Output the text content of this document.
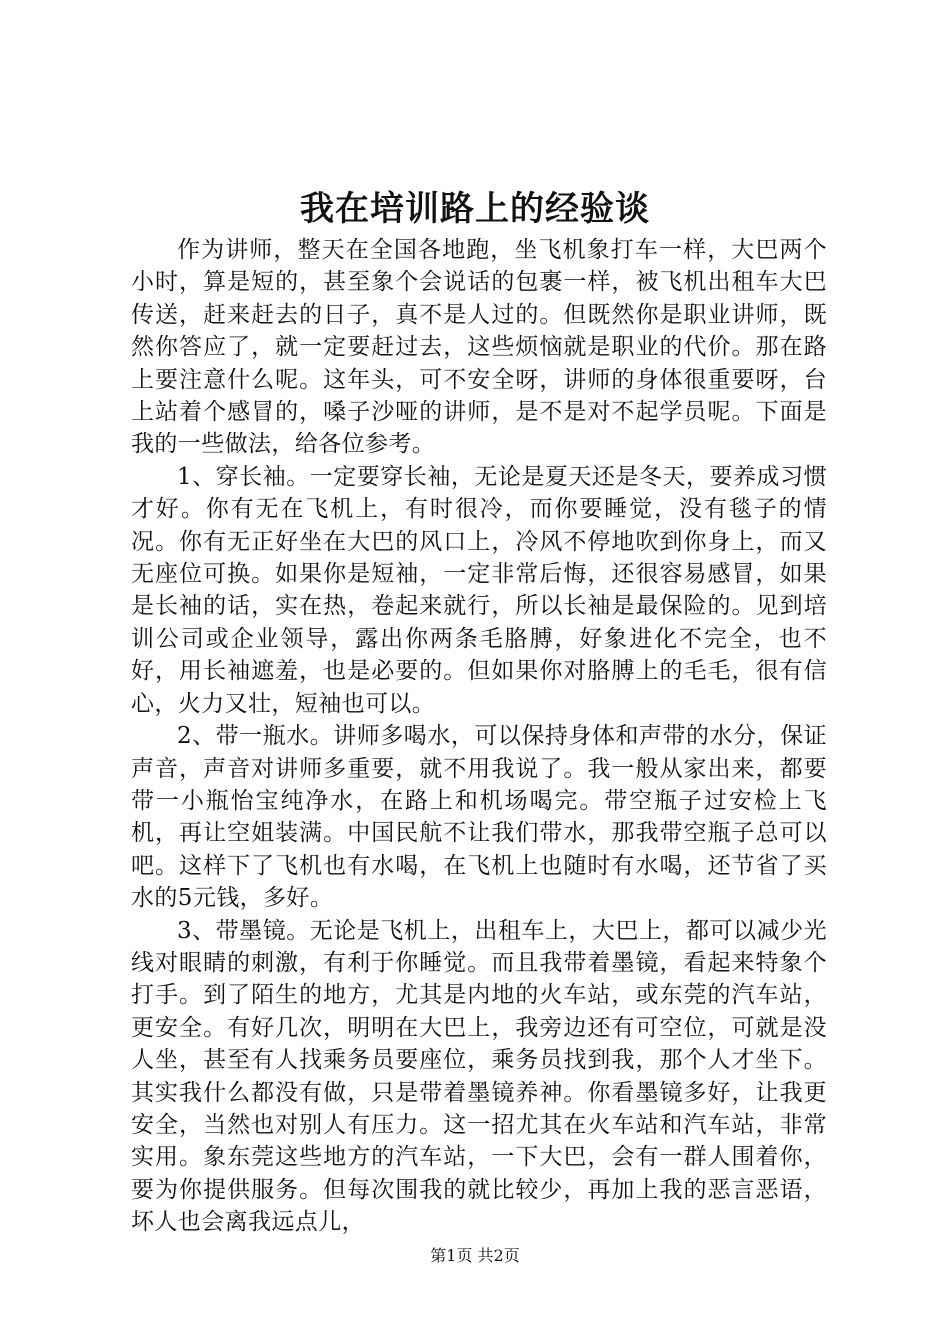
我在培训路上的经验谈

作为讲师，整天在全国各地跑，坐飞机象打车一样，大巴两个小时，算是短的，甚至象个会说话的包裹一样，被飞机出租车大巴传送，赶来赶去的日子，真不是人过的。但既然你是职业讲师，既然你答应了，就一定要赶过去，这些烦恼就是职业的代价。那在路上要注意什么呢。这年头，可不安全呀，讲师的身体很重要呀，台上站着个感冒的，嗓子沙哑的讲师，是不是对不起学员呢。下面是我的一些做法，给各位参考。

1、穿长袖。一定要穿长袖，无论是夏天还是冬天，要养成习惯才好。你有无在飞机上，有时很冷，而你要睡觉，没有毯子的情况。你有无正好坐在大巴的风口上，冷风不停地吹到你身上，而又无座位可换。如果你是短袖，一定非常后悔，还很容易感冒，如果是长袖的话，实在热，卷起来就行，所以长袖是最保险的。见到培训公司或企业领导，露出你两条毛胳膊，好象进化不完全，也不好，用长袖遮羞，也是必要的。但如果你对胳膊上的毛毛，很有信心，火力又壮，短袖也可以。

2、带一瓶水。讲师多喝水，可以保持身体和声带的水分，保证声音，声音对讲师多重要，就不用我说了。我一般从家出来，都要带一小瓶怡宝纯净水，在路上和机场喝完。带空瓶子过安检上飞机，再让空姐装满。中国民航不让我们带水，那我带空瓶子总可以吧。这样下了飞机也有水喝，在飞机上也随时有水喝，还节省了买水的5元钱，多好。

3、带墨镜。无论是飞机上，出租车上，大巴上，都可以减少光线对眼睛的刺激，有利于你睡觉。而且我带着墨镜，看起来特象个打手。到了陌生的地方，尤其是内地的火车站，或东莞的汽车站，更安全。有好几次，明明在大巴上，我旁边还有可空位，可就是没人坐，甚至有人找乘务员要座位，乘务员找到我，那个人才坐下。其实我什么都没有做，只是带着墨镜养神。你看墨镜多好，让我更安全，当然也对别人有压力。这一招尤其在火车站和汽车站，非常实用。象东莞这些地方的汽车站，一下大巴，会有一群人围着你，要为你提供服务。但每次围我的就比较少，再加上我的恶言恶语，坏人也会离我远点儿，

第1页 共2页
